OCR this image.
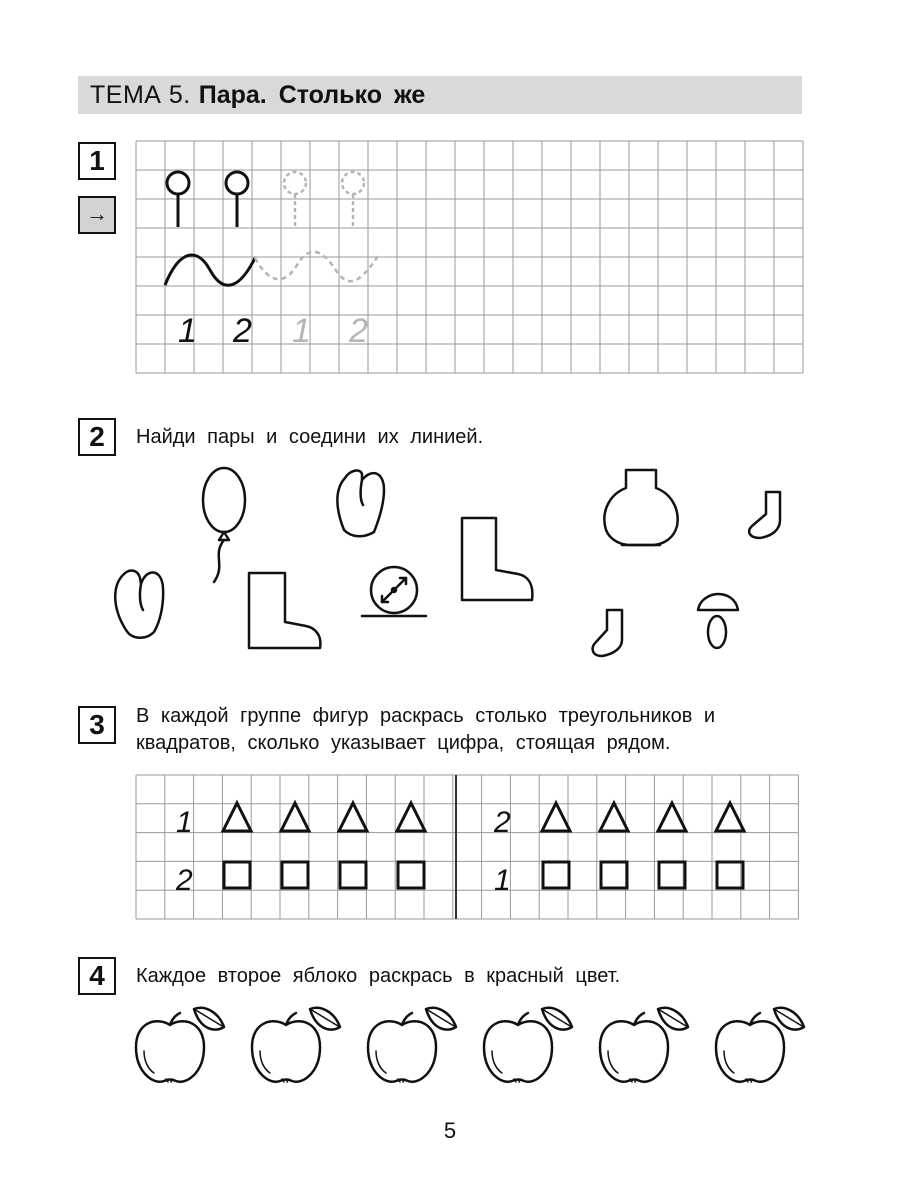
ТЕМА 5. Пара. Столько же
1
→
1 2 1 2
2	Найди пары и соедини их линией.
3	В каждой группе фигур раскрась столько треугольников и
квадратов, сколько указывает цифра, стоящая рядом.
1
2
2
1
4	Каждое второе яблоко раскрась в красный цвет.
5
